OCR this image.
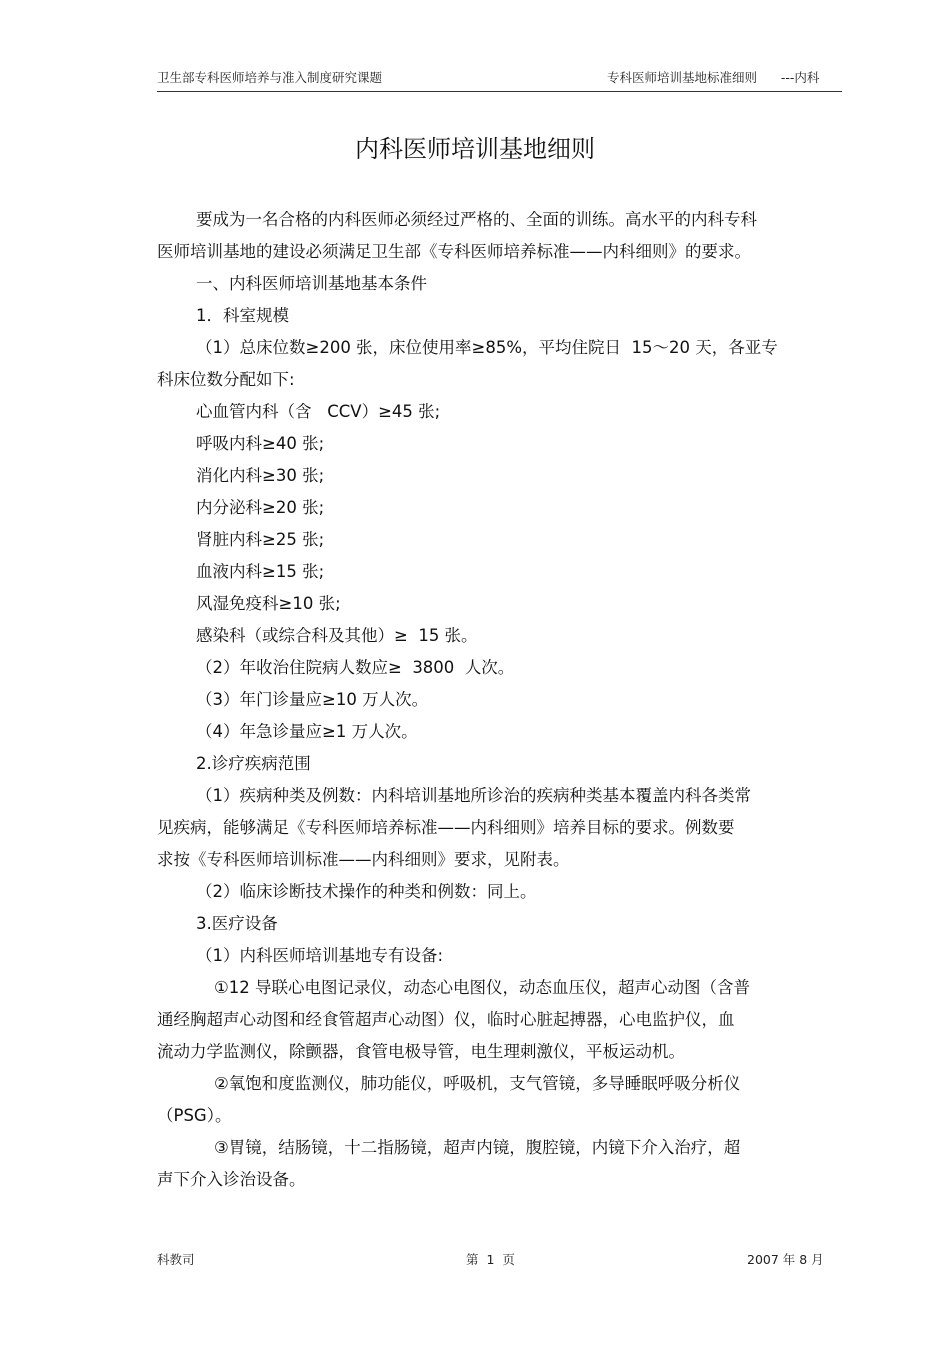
卫生部专科医师培养与准入制度研究课题	专科医师培训基地标准细则      ---内科
内科医师培训基地细则
要成为一名合格的内科医师必须经过严格的、全面的训练。高水平的内科专科
医师培训基地的建设必须满足卫生部《专科医师培养标准——内科细则》的要求。
一、内科医师培训基地基本条件
1．科室规模
（1）总床位数≥200 张，床位使用率≥85%，平均住院日  15～20 天，各亚专
科床位数分配如下:
心血管内科（含   CCV）≥45 张;
呼吸内科≥40 张;
消化内科≥30 张;
内分泌科≥20 张;
肾脏内科≥25 张;
血液内科≥15 张;
风湿免疫科≥10 张;
感染科（或综合科及其他）≥  15 张。
（2）年收治住院病人数应≥  3800  人次。
（3）年门诊量应≥10 万人次。
（4）年急诊量应≥1 万人次。
2.诊疗疾病范围
（1）疾病种类及例数：内科培训基地所诊治的疾病种类基本覆盖内科各类常
见疾病，能够满足《专科医师培养标准——内科细则》培养目标的要求。例数要
求按《专科医师培训标准——内科细则》要求，见附表。
（2）临床诊断技术操作的种类和例数：同上。
3.医疗设备
（1）内科医师培训基地专有设备:
①12 导联心电图记录仪，动态心电图仪，动态血压仪，超声心动图（含普
通经胸超声心动图和经食管超声心动图）仪，临时心脏起搏器，心电监护仪，血
流动力学监测仪，除颤器，食管电极导管，电生理刺激仪，平板运动机。
②氧饱和度监测仪，肺功能仪，呼吸机，支气管镜，多导睡眠呼吸分析仪
（PSG）。
③胃镜，结肠镜，十二指肠镜，超声内镜，腹腔镜，内镜下介入治疗，超
声下介入诊治设备。
科教司	第  1  页	2007 年 8 月
